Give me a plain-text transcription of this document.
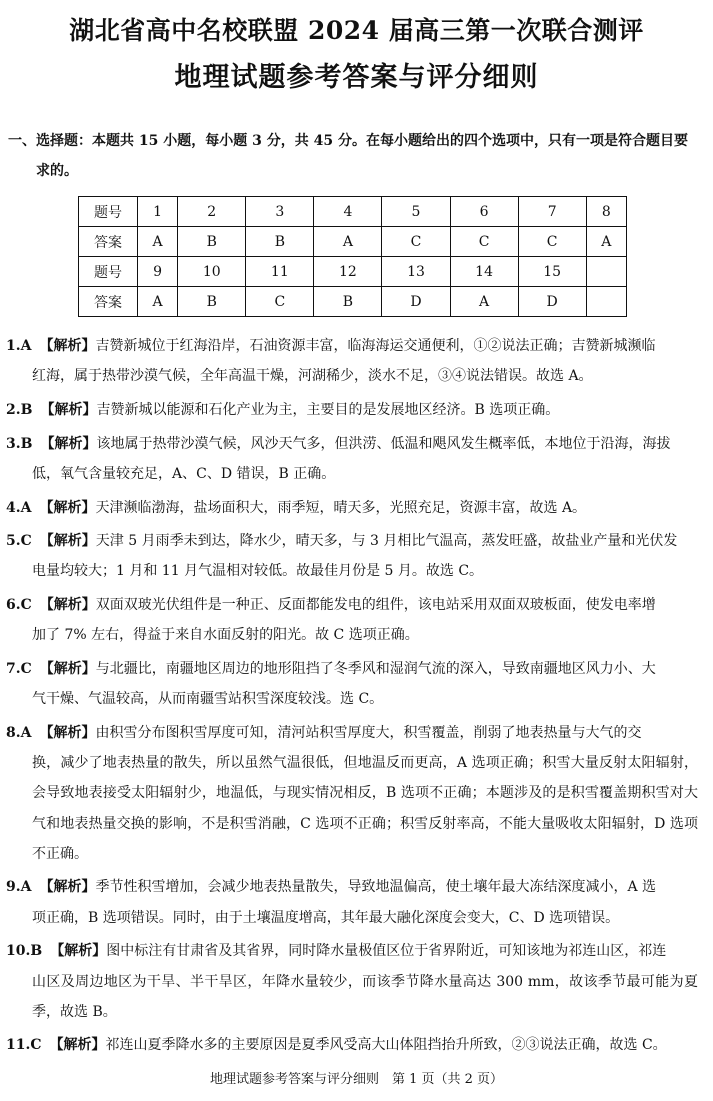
湖北省高中名校联盟 2024 届高三第一次联合测评
地理试题参考答案与评分细则
一、选择题：本题共 15 小题，每小题 3 分，共 45 分。在每小题给出的四个选项中，只有一项是符合题目要
求的。
题号	1	2	3	4	5	6	7	8
答案	A	B	B	A	C	C	C	A
题号	9	10	11	12	13	14	15	
答案	A	B	C	B	D	A	D	
1.A 【解析】吉赞新城位于红海沿岸，石油资源丰富，临海海运交通便利，①②说法正确；吉赞新城濒临
红海，属于热带沙漠气候，全年高温干燥，河湖稀少，淡水不足，③④说法错误。故选 A。
2.B 【解析】吉赞新城以能源和石化产业为主，主要目的是发展地区经济。B 选项正确。
3.B 【解析】该地属于热带沙漠气候，风沙天气多，但洪涝、低温和飓风发生概率低，本地位于沿海，海拔
低，氧气含量较充足，A、C、D 错误，B 正确。
4.A 【解析】天津濒临渤海，盐场面积大，雨季短，晴天多，光照充足，资源丰富，故选 A。
5.C 【解析】天津 5 月雨季未到达，降水少，晴天多，与 3 月相比气温高，蒸发旺盛，故盐业产量和光伏发
电量均较大；1 月和 11 月气温相对较低。故最佳月份是 5 月。故选 C。
6.C 【解析】双面双玻光伏组件是一种正、反面都能发电的组件，该电站采用双面双玻板面，使发电率增
加了 7% 左右，得益于来自水面反射的阳光。故 C 选项正确。
7.C 【解析】与北疆比，南疆地区周边的地形阻挡了冬季风和湿润气流的深入，导致南疆地区风力小、大
气干燥、气温较高，从而南疆雪站积雪深度较浅。选 C。
8.A 【解析】由积雪分布图积雪厚度可知，清河站积雪厚度大，积雪覆盖，削弱了地表热量与大气的交
换，减少了地表热量的散失，所以虽然气温很低，但地温反而更高，A 选项正确；积雪大量反射太阳辐射，会导致地表接受太阳辐射少，地温低，与现实情况相反，B 选项不正确；本题涉及的是积雪覆盖期积雪对大气和地表热量交换的影响，不是积雪消融，C 选项不正确；积雪反射率高，不能大量吸收太阳辐射，D 选项不正确。
9.A 【解析】季节性积雪增加，会减少地表热量散失，导致地温偏高，使土壤年最大冻结深度减小，A 选
项正确，B 选项错误。同时，由于土壤温度增高，其年最大融化深度会变大，C、D 选项错误。
10.B 【解析】图中标注有甘肃省及其省界，同时降水量极值区位于省界附近，可知该地为祁连山区，祁连
山区及周边地区为干旱、半干旱区，年降水量较少，而该季节降水量高达 300 mm，故该季节最可能为夏季，故选 B。
11.C 【解析】祁连山夏季降水多的主要原因是夏季风受高大山体阻挡抬升所致，②③说法正确，故选 C。
地理试题参考答案与评分细则　第 1 页（共 2 页）
